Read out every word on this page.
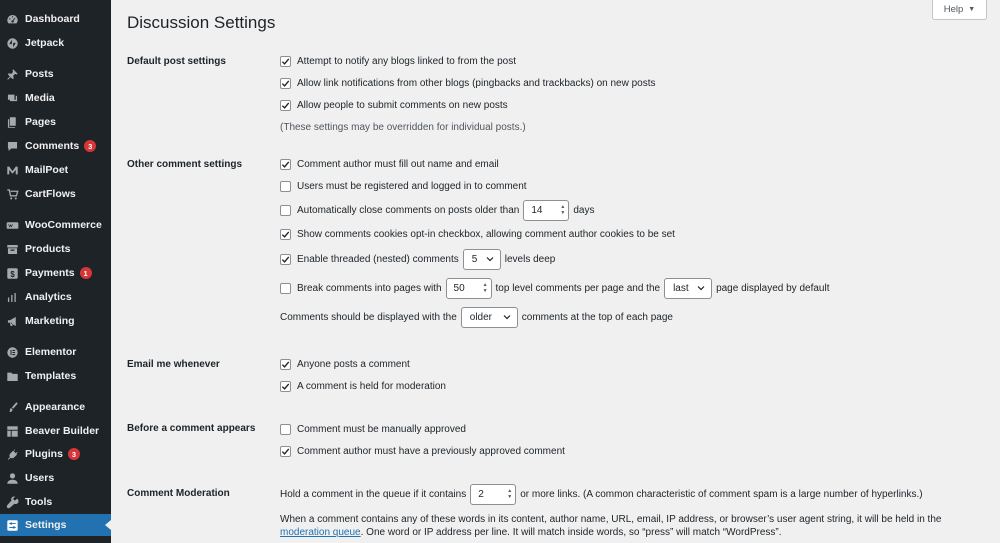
Dashboard
Jetpack
Posts
Media
Pages
Comments	3
MailPoet
CartFlows
WooCommerce
Products
$ Payments	1
Analytics
Marketing
Elementor
Templates
Appearance
Beaver Builder
Plugins	3
Users
Tools
Settings
Discussion Settings
Help ▼
Default post settings	Attempt to notify any blogs linked to from the post
Allow link notifications from other blogs (pingbacks and trackbacks) on new posts
Allow people to submit comments on new posts
(These settings may be overridden for individual posts.)
Other comment settings	Comment author must fill out name and email
Users must be registered and logged in to comment
Automatically close comments on posts older than 14	▲
▼ days
Show comments cookies opt-in checkbox, allowing comment author cookies to be set
Enable threaded (nested) comments 5	levels deep
Break comments into pages with 50	▲
▼ top level comments per page and the last	page displayed by default
Comments should be displayed with the older	comments at the top of each page
Email me whenever	Anyone posts a comment
A comment is held for moderation
Before a comment appears	Comment must be manually approved
Comment author must have a previously approved comment
Comment Moderation	Hold a comment in the queue if it contains 2	▲
▼ or more links. (A common characteristic of comment spam is a large number of hyperlinks.)
When a comment contains any of these words in its content, author name, URL, email, IP address, or browser’s user agent string, it will be held in the
moderation queue . One word or IP address per line. It will match inside words, so “press” will match “WordPress”.
